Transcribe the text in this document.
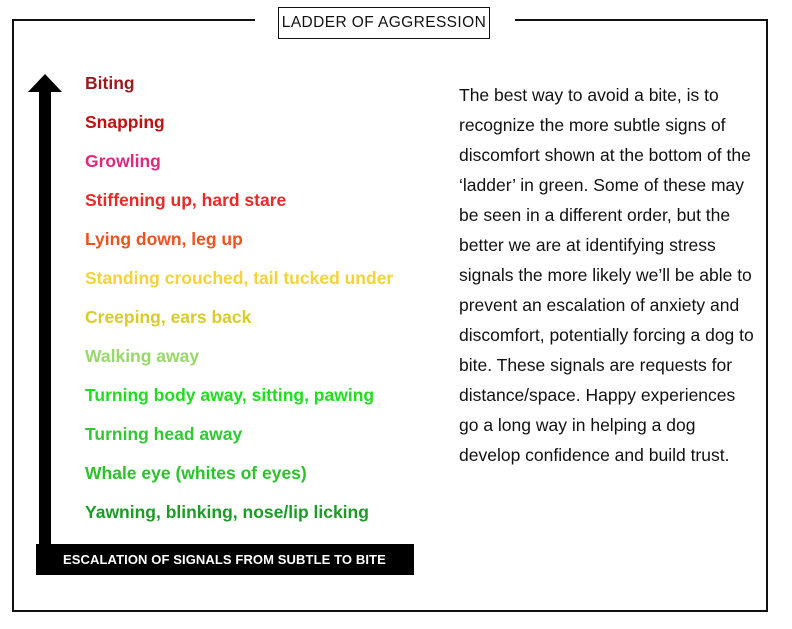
LADDER OF AGGRESSION
Biting
Snapping
Growling
Stiffening up, hard stare
Lying down, leg up
Standing crouched, tail tucked under
Creeping, ears back
Walking away
Turning body away, sitting, pawing
Turning head away
Whale eye (whites of eyes)
Yawning, blinking, nose/lip licking
ESCALATION OF SIGNALS FROM SUBTLE TO BITE

The best way to avoid a bite, is to recognize the more subtle signs of discomfort shown at the bottom of the ‘ladder’ in green. Some of these may be seen in a different order, but the better we are at identifying stress signals the more likely we’ll be able to prevent an escalation of anxiety and discomfort, potentially forcing a dog to bite. These signals are requests for distance/space. Happy experiences go a long way in helping a dog develop confidence and build trust.
